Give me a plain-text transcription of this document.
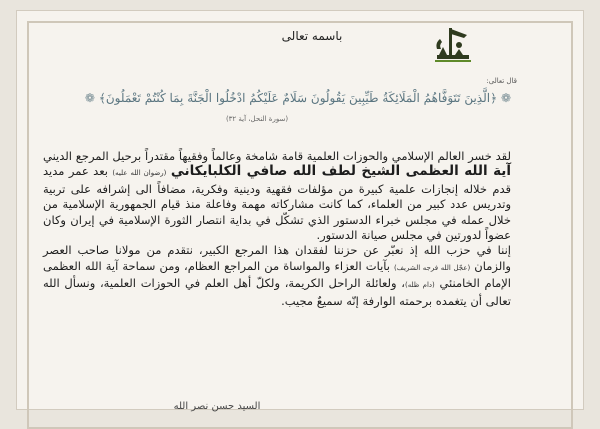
باسمه تعالى
قال تعالى:
❁ ﴿الَّذِينَ تَتَوَفَّاهُمُ الْمَلَائِكَةُ طَيِّبِينَ يَقُولُونَ سَلَامٌ عَلَيْكُمُ ادْخُلُوا الْجَنَّةَ بِمَا كُنْتُمْ تَعْمَلُونَ﴾ ❁
(سورة النحل، آية ٣٢)

لقد خسر العالم الإسلامي والحوزات العلمية قامة شامخة وعالماً وفقيهاً مقتدراً برحيل المرجع الديني آية الله العظمى الشيخ لطف الله صافي الكلبايكاني (رضوان الله عليه) بعد عمر مديد قدم خلاله إنجازات علمية كبيرة من مؤلفات فقهية ودينية وفكرية، مضافاً الى إشرافه على تربية وتدريس عدد كبير من العلماء، كما كانت مشاركاته مهمة وفاعلة منذ قيام الجمهورية الإسلامية من خلال عمله في مجلس خبراء الدستور الذي تشكّل في بداية انتصار الثورة الإسلامية في إيران وكان عضواً لدورتين في مجلس صيانة الدستور.

إننا في حزب الله إذ نعبّر عن حزننا لفقدان هذا المرجع الكبير، نتقدم من مولانا صاحب العصر والزمان (عجّل الله فرجه الشريف) بآيات العزاء والمواساة من المراجع العظام، ومن سماحة آية الله العظمى الإمام الخامنئي (دام ظله)، ولعائلة الراحل الكريمة، ولكلّ أهل العلم في الحوزات العلمية، ونسأل الله تعالى أن يتغمده برحمته الوارفة إنّه سميعٌ مجيب.

السيد حسن نصر الله
